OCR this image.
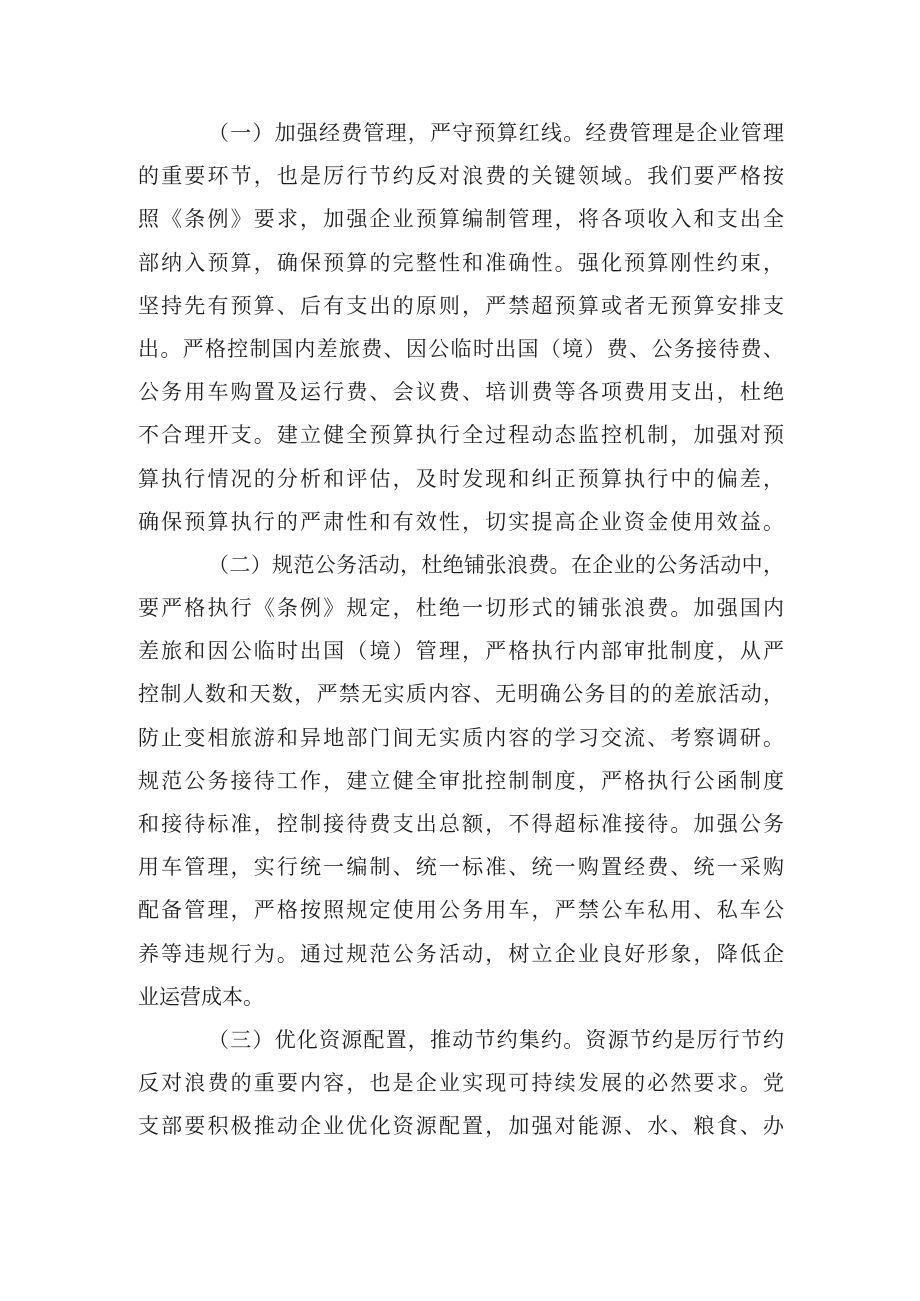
（一）加强经费管理，严守预算红线。经费管理是企业管理
的重要环节，也是厉行节约反对浪费的关键领域。我们要严格按
照《条例》要求，加强企业预算编制管理，将各项收入和支出全
部纳入预算，确保预算的完整性和准确性。强化预算刚性约束，
坚持先有预算、后有支出的原则，严禁超预算或者无预算安排支
出。严格控制国内差旅费、因公临时出国（境）费、公务接待费、
公务用车购置及运行费、会议费、培训费等各项费用支出，杜绝
不合理开支。建立健全预算执行全过程动态监控机制，加强对预
算执行情况的分析和评估，及时发现和纠正预算执行中的偏差，
确保预算执行的严肃性和有效性，切实提高企业资金使用效益。
（二）规范公务活动，杜绝铺张浪费。在企业的公务活动中，
要严格执行《条例》规定，杜绝一切形式的铺张浪费。加强国内
差旅和因公临时出国（境）管理，严格执行内部审批制度，从严
控制人数和天数，严禁无实质内容、无明确公务目的的差旅活动，
防止变相旅游和异地部门间无实质内容的学习交流、考察调研。
规范公务接待工作，建立健全审批控制制度，严格执行公函制度
和接待标准，控制接待费支出总额，不得超标准接待。加强公务
用车管理，实行统一编制、统一标准、统一购置经费、统一采购
配备管理，严格按照规定使用公务用车，严禁公车私用、私车公
养等违规行为。通过规范公务活动，树立企业良好形象，降低企
业运营成本。
（三）优化资源配置，推动节约集约。资源节约是厉行节约
反对浪费的重要内容，也是企业实现可持续发展的必然要求。党
支部要积极推动企业优化资源配置，加强对能源、水、粮食、办
